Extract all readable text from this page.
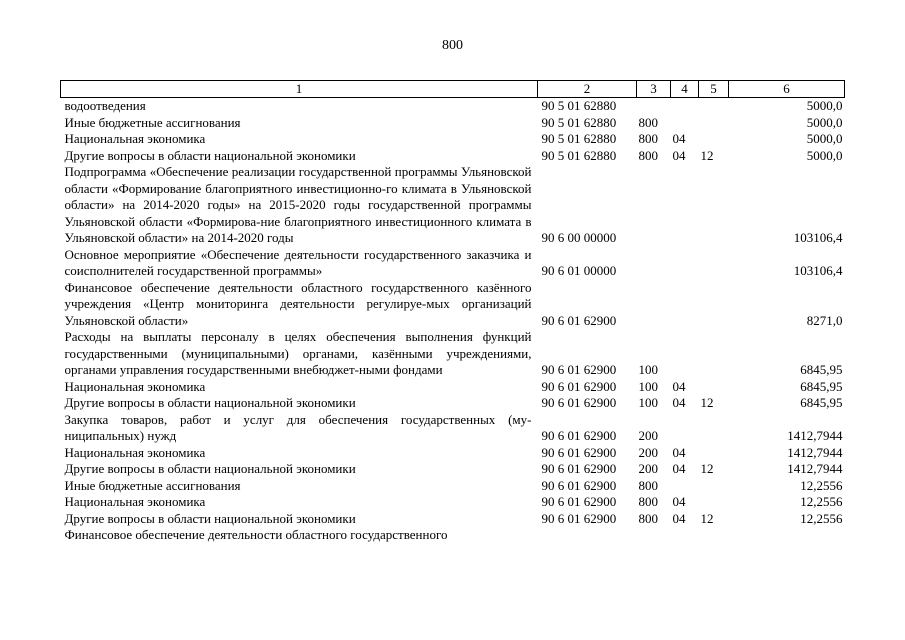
800
1	2	3	4	5	6
водоотведения	90 5 01 62880				5000,0
Иные бюджетные ассигнования	90 5 01 62880	800			5000,0
Национальная экономика	90 5 01 62880	800	04		5000,0
Другие вопросы в области национальной экономики	90 5 01 62880	800	04	12	5000,0
Подпрограмма «Обеспечение реализации государственной программы Ульяновской области «Формирование благоприятного инвестиционно-го климата в Ульяновской области» на 2014-2020 годы» на 2015-2020 годы государственной программы Ульяновской области «Формирова-ние благоприятного инвестиционного климата в Ульяновской области» на 2014-2020 годы	90 6 00 00000				103106,4
Основное мероприятие «Обеспечение деятельности государственного заказчика и соисполнителей государственной программы»	90 6 01 00000				103106,4
Финансовое обеспечение деятельности областного государственного казённого учреждения «Центр мониторинга деятельности регулируе-мых организаций Ульяновской области»	90 6 01 62900				8271,0
Расходы на выплаты персоналу в целях обеспечения выполнения функций государственными (муниципальными) органами, казёнными учреждениями, органами управления государственными внебюджет-ными фондами	90 6 01 62900	100			6845,95
Национальная экономика	90 6 01 62900	100	04		6845,95
Другие вопросы в области национальной экономики	90 6 01 62900	100	04	12	6845,95
Закупка товаров, работ и услуг для обеспечения государственных (му-ниципальных) нужд	90 6 01 62900	200			1412,7944
Национальная экономика	90 6 01 62900	200	04		1412,7944
Другие вопросы в области национальной экономики	90 6 01 62900	200	04	12	1412,7944
Иные бюджетные ассигнования	90 6 01 62900	800			12,2556
Национальная экономика	90 6 01 62900	800	04		12,2556
Другие вопросы в области национальной экономики	90 6 01 62900	800	04	12	12,2556
Финансовое обеспечение деятельности областного государственного					
